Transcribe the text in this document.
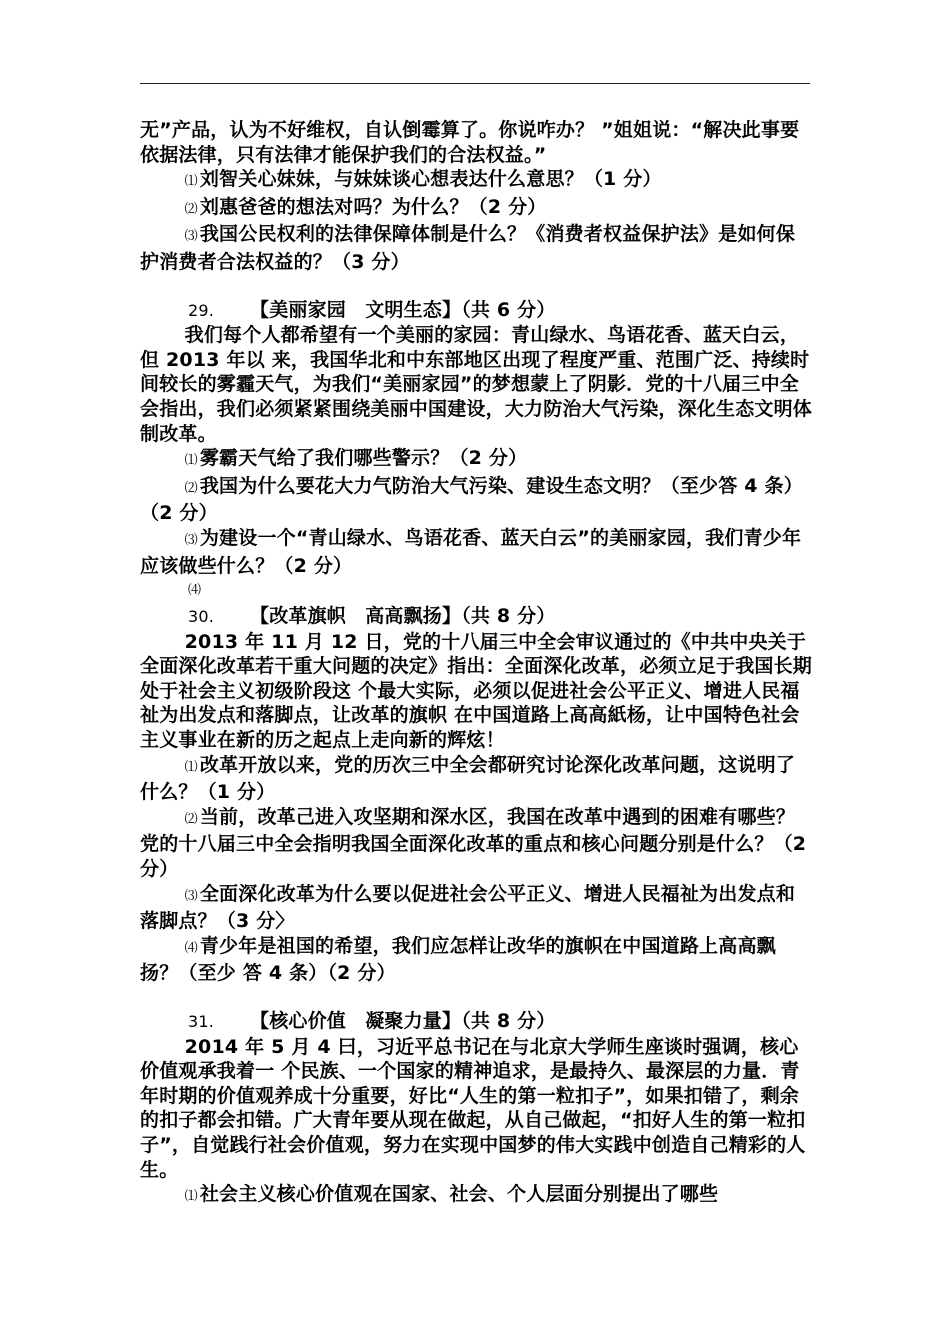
无”产品，认为不好维权，自认倒霉算了。你说咋办？ ”姐姐说：“解决此事要依据法律，只有法律才能保护我们的合法权益。”

⑴ 刘智关心妹妹，与妹妹谈心想表达什么意思？（1 分）

⑵ 刘惠爸爸的想法对吗？为什么？（2 分）

⑶ 我国公民权利的法律保障体制是什么？《消费者权益保护法》是如何保护消费者合法权益的？（3 分）

29. 【美丽家园　文明生态】（共 6 分）

我们每个人都希望有一个美丽的家园：青山绿水、鸟语花香、蓝天白云，但 2013 年以 来，我国华北和中东部地区出现了程度严重、范围广泛、持续时间较长的雾霾天气，为我们“美丽家园”的梦想蒙上了阴影．党的十八届三中全会指出，我们必须紧紧围绕美丽中国建设，大力防治大气污染，深化生态文明体制改革。

⑴ 雾霸天气给了我们哪些警示？（2 分）

⑵ 我国为什么要花大力气防治大气污染、建设生态文明？（至少答 4 条）（2 分）

⑶ 为建设一个“青山绿水、鸟语花香、蓝天白云”的美丽家园，我们青少年应该做些什么？（2 分）

⑷

30. 【改革旗帜　高高飘扬】（共 8 分）

2013 年 11 月 12 日，党的十八届三中全会审议通过的《中共中央关于全面深化改革若干重大问题的决定》指出：全面深化改革，必须立足于我国长期处于社会主义初级阶段这 个最大实际，必须以促进社会公平正义、增进人民福祉为出发点和落脚点，让改革的旗帜 在中国道路上高高紙杨，让中国特色社会主义事业在新的历之起点上走向新的辉炫！

⑴ 改革开放以来，党的历次三中全会都研究讨论深化改革问题，这说明了什么？（1 分）

⑵ 当前，改革己进入攻坚期和深水区，我国在改革中遇到的困难有哪些？党的十八届三中全会指明我国全面深化改革的重点和核心问题分别是什么？（2 分）

⑶ 全面深化改革为什么要以促进社会公平正义、增进人民福祉为出发点和落脚点？（3 分〉

⑷ 青少年是祖国的希望，我们应怎样让改华的旗帜在中国道路上高高飘扬？（至少 答 4 条）（2 分）

31. 【核心价值　凝聚力量】（共 8 分）

2014 年 5 月 4 曰，习近平总书记在与北京大学师生座谈时强调，核心价值观承我着一 个民族、一个国家的精神追求，是最持久、最深层的力量．青年时期的价值观养成十分重要，好比“人生的第一粒扣子”，如果扣错了，剩余的扣子都会扣错。广大青年要从现在做起，从自己做起，“扣好人生的第一粒扣子”，自觉践行社会价值观，努力在实现中国梦的伟大实践中创造自己精彩的人生。

⑴ 社会主义核心价值观在国家、社会、个人层面分别提出了哪些
